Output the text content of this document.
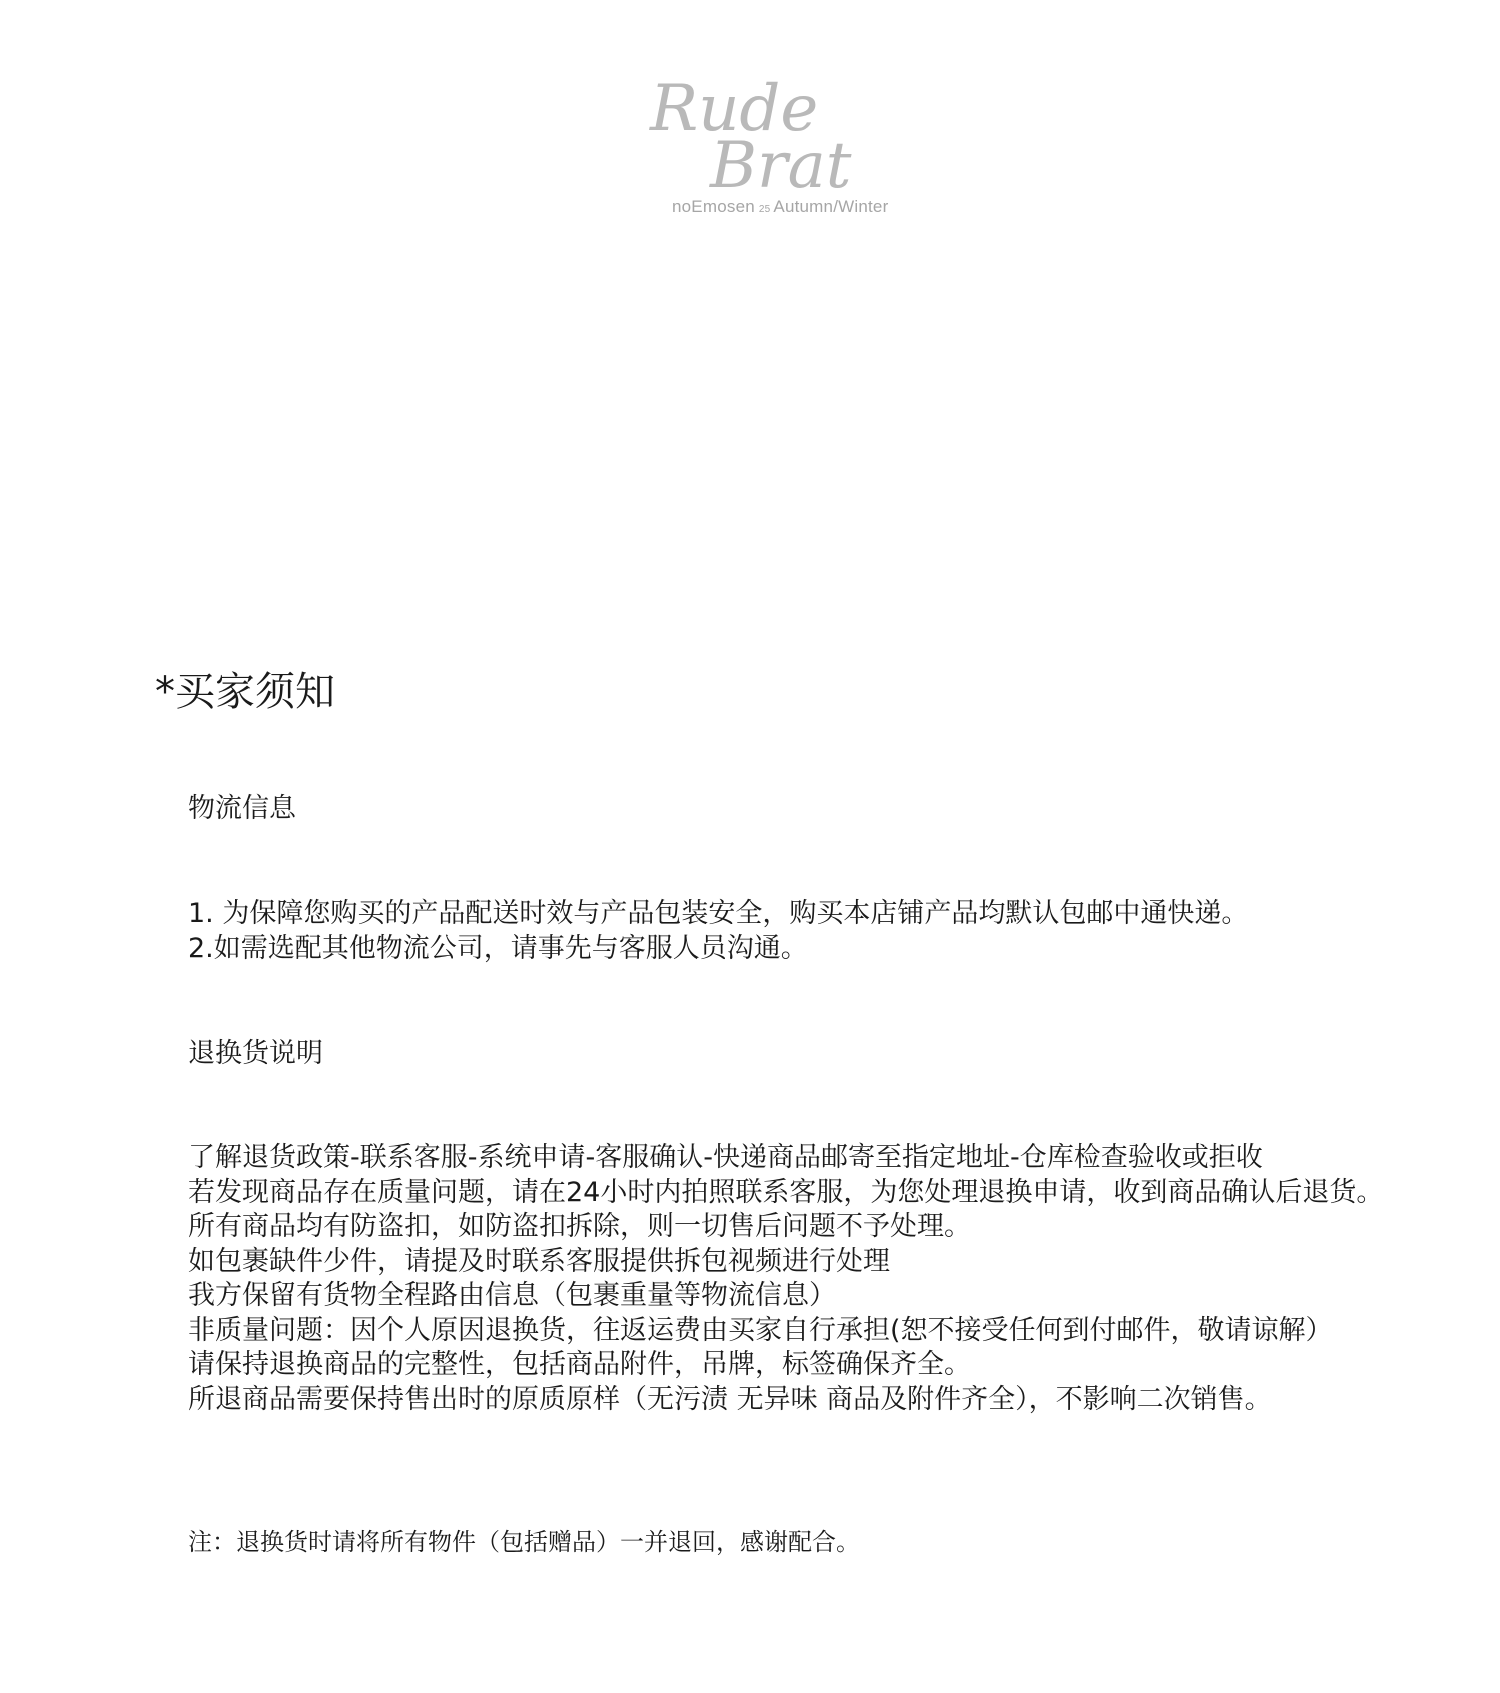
Rude
Brat
noEmosen 25 Autumn/Winter
*买家须知
物流信息
1. 为保障您购买的产品配送时效与产品包装安全，购买本店铺产品均默认包邮中通快递。
2.如需选配其他物流公司，请事先与客服人员沟通。
退换货说明
了解退货政策-联系客服-系统申请-客服确认-快递商品邮寄至指定地址-仓库检查验收或拒收
若发现商品存在质量问题，请在24小时内拍照联系客服，为您处理退换申请，收到商品确认后退货。
所有商品均有防盗扣，如防盗扣拆除，则一切售后问题不予处理。
如包裹缺件少件，请提及时联系客服提供拆包视频进行处理
我方保留有货物全程路由信息（包裹重量等物流信息）
非质量问题：因个人原因退换货，往返运费由买家自行承担(恕不接受任何到付邮件，敬请谅解）
请保持退换商品的完整性，包括商品附件，吊牌，标签确保齐全。
所退商品需要保持售出时的原质原样（无污渍 无异味 商品及附件齐全），不影响二次销售。

注：退换货时请将所有物件（包括赠品）一并退回，感谢配合。
